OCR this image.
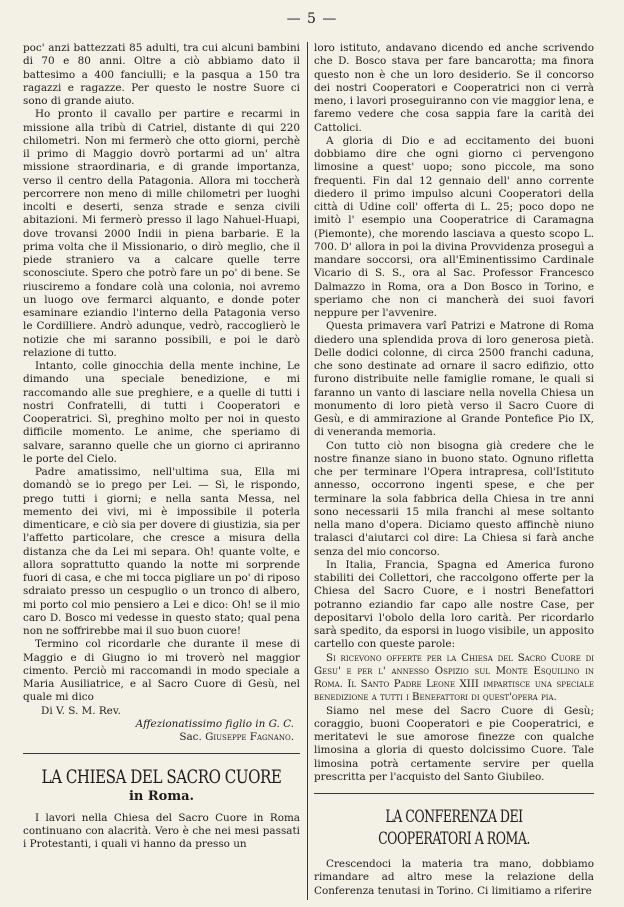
— 5 —

poc' anzi battezzati 85 adulti, tra cui alcuni bambini di 70 e 80 anni. Oltre a ciò abbiamo dato il battesimo a 400 fanciulli; e la pasqua a 150 tra ragazzi e ragazze. Per questo le nostre Suore ci sono di grande aiuto.

Ho pronto il cavallo per partire e recarmi in missione alla tribù di Catriel, distante di qui 220 chilometri. Non mi fermerò che otto giorni, perchè il primo di Maggio dovrò portarmi ad un' altra missione straordinaria, e di grande importanza, verso il centro della Patagonia. Allora mi toccherà percorrere non meno di mille chilometri per luoghi incolti e deserti, senza strade e senza civili abitazioni. Mi fermerò presso il lago Nahuel-Huapi, dove trovansi 2000 Indii in piena barbarie. E la prima volta che il Missionario, o dirò meglio, che il piede straniero va a calcare quelle terre sconosciute. Spero che potrò fare un po' di bene. Se riusciremo a fondare colà una colonia, noi avremo un luogo ove fermarci alquanto, e donde poter esaminare eziandio l'interno della Patagonia verso le Cordilliere. Andrò adunque, vedrò, raccoglierò le notizie che mi saranno possibili, e poi le darò relazione di tutto.

Intanto, colle ginocchia della mente inchine, Le dimando una speciale benedizione, e mi raccomando alle sue preghiere, e a quelle di tutti i nostri Confratelli, di tutti i Cooperatori e Cooperatrici. Sì, preghino molto per noi in questo difficile momento. Le anime, che speriamo di salvare, saranno quelle che un giorno ci apriranno le porte del Cielo.

Padre amatissimo, nell'ultima sua, Ella mi domandò se io prego per Lei. — Sì, le rispondo, prego tutti i giorni; e nella santa Messa, nel memento dei vivi, mi è impossibile il poterla dimenticare, e ciò sia per dovere di giustizia, sia per l'affetto particolare, che cresce a misura della distanza che da Lei mi separa. Oh! quante volte, e allora soprattutto quando la notte mi sorprende fuori di casa, e che mi tocca pigliare un po' di riposo sdraiato presso un cespuglio o un tronco di albero, mi porto col mio pensiero a Lei e dico: Oh! se il mio caro D. Bosco mi vedesse in questo stato; qual pena non ne soffrirebbe mai il suo buon cuore!

Termino col ricordarle che durante il mese di Maggio e di Giugno io mi troverò nel maggior cimento. Perciò mi raccomandi in modo speciale a Maria Ausiliatrice, e al Sacro Cuore di Gesù, nel quale mi dico

Di V. S. M. Rev.
Affezionatissimo figlio in G. C.
Sac. Giuseppe Fagnano.
LA CHIESA DEL SACRO CUORE
in Roma.

I lavori nella Chiesa del Sacro Cuore in Roma continuano con alacrità. Vero è che nei mesi passati i Protestanti, i quali vi hanno da presso un

loro istituto, andavano dicendo ed anche scrivendo che D. Bosco stava per fare bancarotta; ma finora questo non è che un loro desiderio. Se il concorso dei nostri Cooperatori e Cooperatrici non ci verrà meno, i lavori proseguiranno con vie maggior lena, e faremo vedere che cosa sappia fare la carità dei Cattolici.

A gloria di Dio e ad eccitamento dei buoni dobbiamo dire che ogni giorno ci pervengono limosine a quest' uopo; sono piccole, ma sono frequenti. Fin dal 12 gennaio dell' anno corrente diedero il primo impulso alcuni Cooperatori della città di Udine coll' offerta di L. 25; poco dopo ne imitò l' esempio una Cooperatrice di Caramagna (Piemonte), che morendo lasciava a questo scopo L. 700. D' allora in poi la divina Provvidenza proseguì a mandare soccorsi, ora all'Eminentissimo Cardinale Vicario di S. S., ora al Sac. Professor Francesco Dalmazzo in Roma, ora a Don Bosco in Torino, e speriamo che non ci mancherà dei suoi favori neppure per l'avvenire.

Questa primavera varî Patrizi e Matrone di Roma diedero una splendida prova di loro generosa pietà. Delle dodici colonne, di circa 2500 franchi caduna, che sono destinate ad ornare il sacro edifizio, otto furono distribuite nelle famiglie romane, le quali si faranno un vanto di lasciare nella novella Chiesa un monumento di loro pietà verso il Sacro Cuore di Gesù, e di ammirazione al Grande Pontefice Pio IX, di veneranda memoria.

Con tutto ciò non bisogna già credere che le nostre finanze siano in buono stato. Ognuno rifletta che per terminare l'Opera intrapresa, coll'Istituto annesso, occorrono ingenti spese, e che per terminare la sola fabbrica della Chiesa in tre anni sono necessarii 15 mila franchi al mese soltanto nella mano d'opera. Diciamo questo affinchè niuno tralasci d'aiutarci col dire: La Chiesa si farà anche senza del mio concorso.

In Italia, Francia, Spagna ed America furono stabiliti dei Collettori, che raccolgono offerte per la Chiesa del Sacro Cuore, e i nostri Benefattori potranno eziandio far capo alle nostre Case, per depositarvi l'obolo della loro carità. Per ricordarlo sarà spedito, da esporsi in luogo visibile, un apposito cartello con queste parole:

Si ricevono offerte per la Chiesa del Sacro Cuore di Gesu' e per l' annesso Ospizio sul Monte Esquilino in Roma. Il Santo Padre Leone XIII impartisce una speciale benedizione a tutti i Benefattori di quest'opera pia.

Siamo nel mese del Sacro Cuore di Gesù; coraggio, buoni Cooperatori e pie Cooperatrici, e meritatevi le sue amorose finezze con qualche limosina a gloria di questo dolcissimo Cuore. Tale limosina potrà certamente servire per quella prescritta per l'acquisto del Santo Giubileo.

LA CONFERENZA DEI COOPERATORI A ROMA.

Crescendoci la materia tra mano, dobbiamo rimandare ad altro mese la relazione della Conferenza tenutasi in Torino. Ci limitiamo a riferire
